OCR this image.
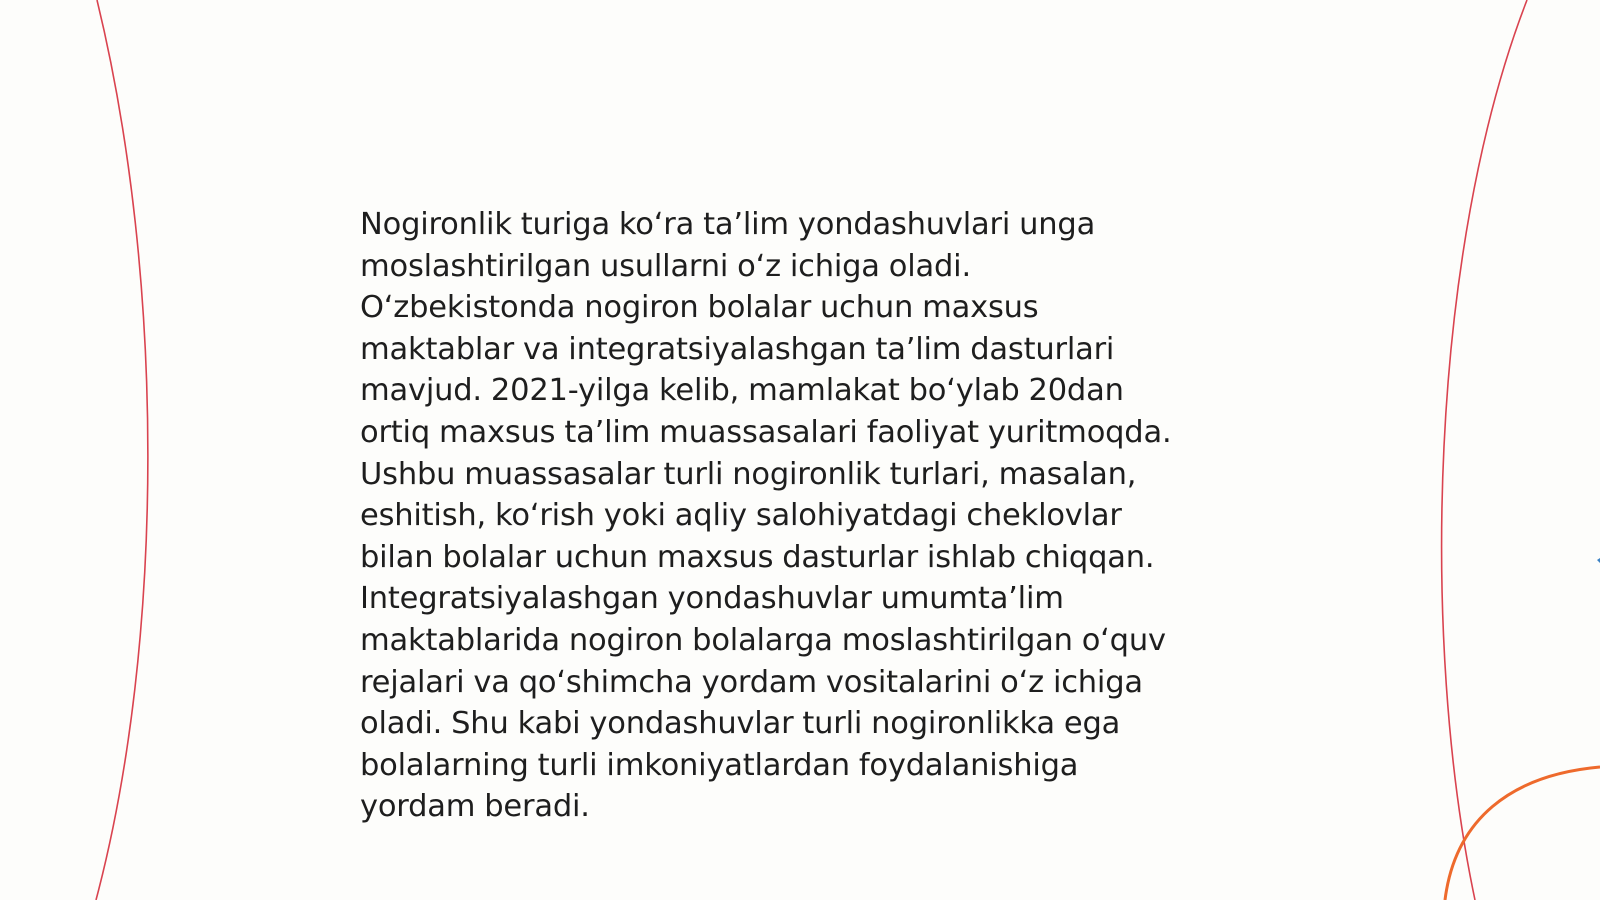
Nogironlik turiga ko‘ra ta’lim yondashuvlari unga
moslashtirilgan usullarni o‘z ichiga oladi.
O‘zbekistonda nogiron bolalar uchun maxsus
maktablar va integratsiyalashgan ta’lim dasturlari
mavjud. 2021-yilga kelib, mamlakat bo‘ylab 20dan
ortiq maxsus ta’lim muassasalari faoliyat yuritmoqda.
Ushbu muassasalar turli nogironlik turlari, masalan,
eshitish, ko‘rish yoki aqliy salohiyatdagi cheklovlar
bilan bolalar uchun maxsus dasturlar ishlab chiqqan.
Integratsiyalashgan yondashuvlar umumta’lim
maktablarida nogiron bolalarga moslashtirilgan o‘quv
rejalari va qo‘shimcha yordam vositalarini o‘z ichiga
oladi. Shu kabi yondashuvlar turli nogironlikka ega
bolalarning turli imkoniyatlardan foydalanishiga
yordam beradi.
